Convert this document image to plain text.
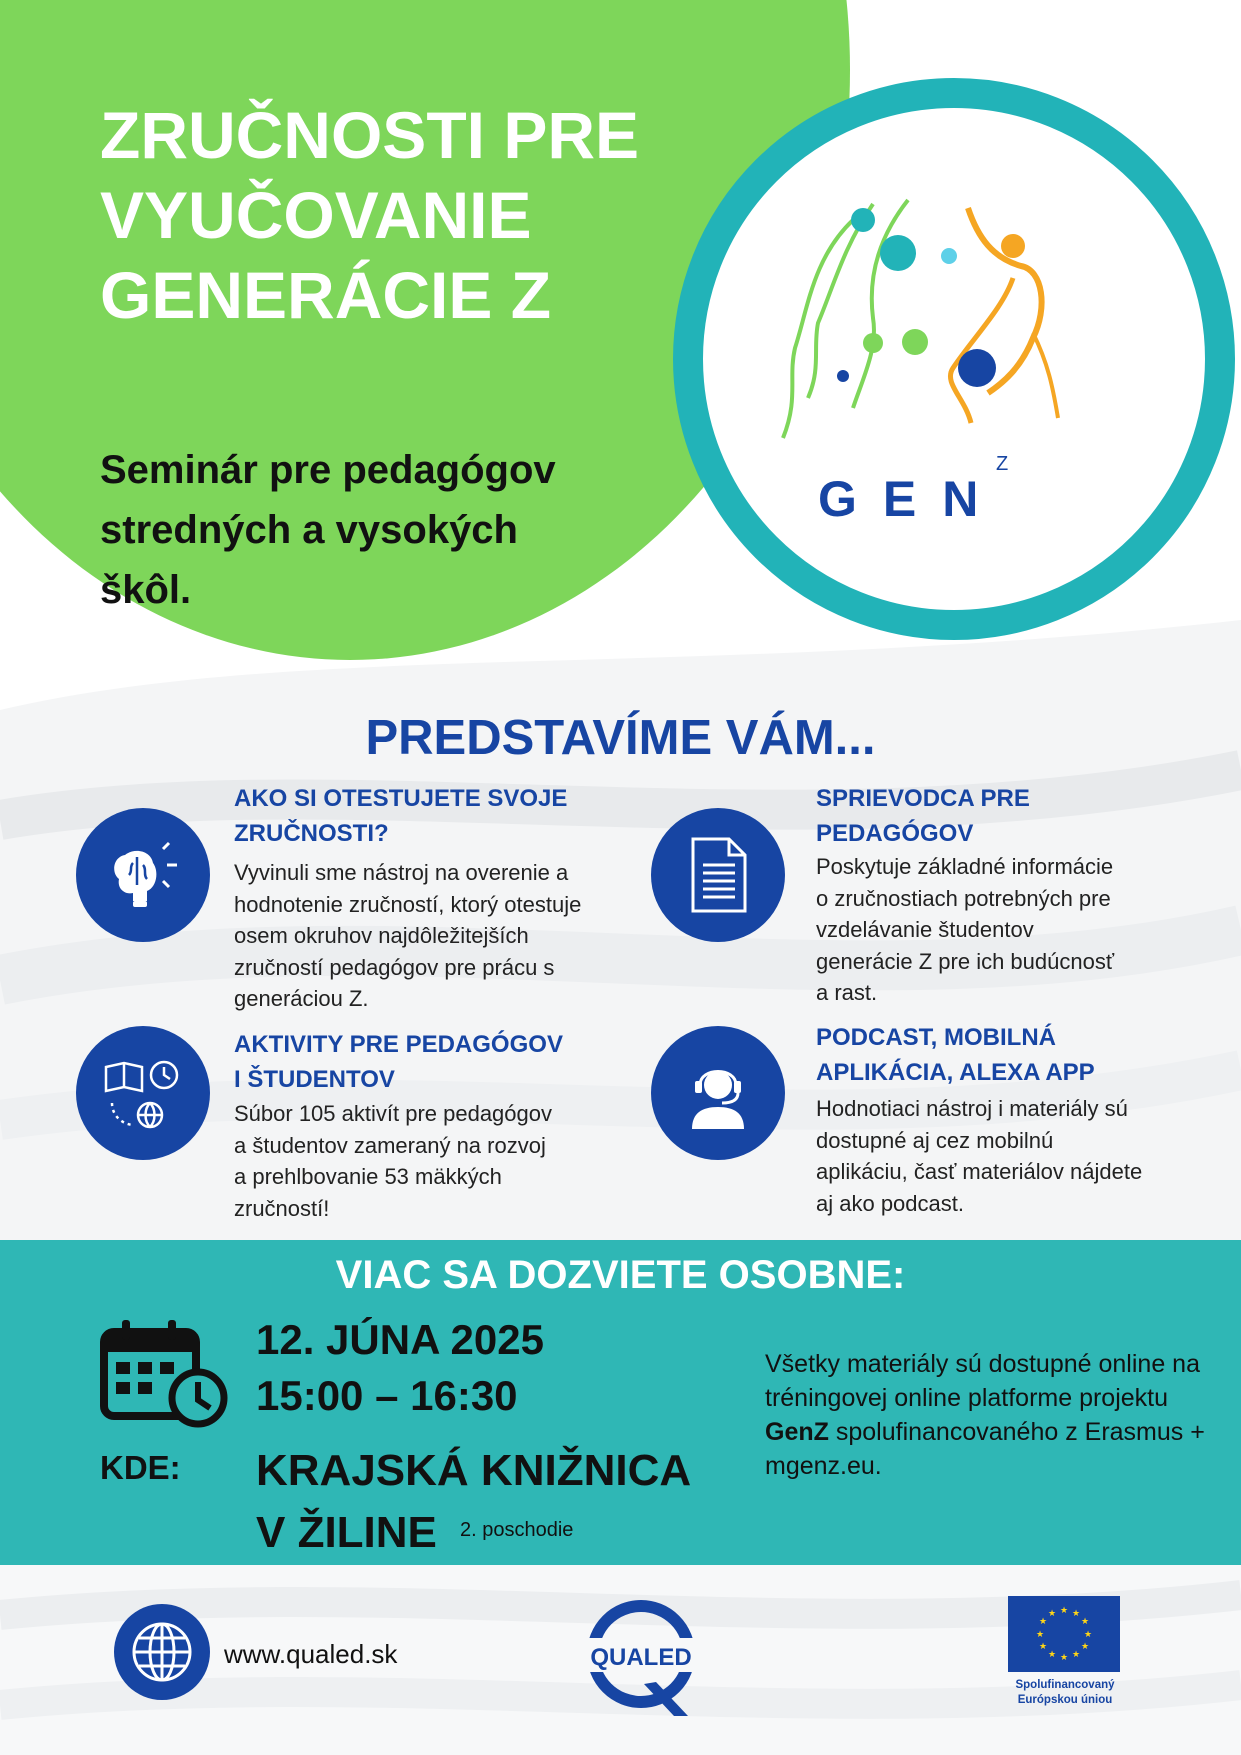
GEN
Z
ZRUČNOSTI PRE
VYUČOVANIE
GENERÁCIE Z
Seminár pre pedagógov
stredných a vysokých
škôl.
PREDSTAVÍME VÁM...

AKO SI OTESTUJETE SVOJE
ZRUČNOSTI?

Vyvinuli sme nástroj na overenie a
hodnotenie zručností, ktorý otestuje
osem okruhov najdôležitejších
zručností pedagógov pre prácu s
generáciou Z.

SPRIEVODCA PRE
PEDAGÓGOV

Poskytuje základné informácie
o zručnostiach potrebných pre
vzdelávanie študentov
generácie Z pre ich budúcnosť
a rast.

AKTIVITY PRE PEDAGÓGOV
I ŠTUDENTOV

Súbor 105 aktivít pre pedagógov
a študentov zameraný na rozvoj
a prehlbovanie 53 mäkkých
zručností!

PODCAST, MOBILNÁ
APLIKÁCIA, ALEXA APP

Hodnotiaci nástroj i materiály sú
dostupné aj cez mobilnú
aplikáciu, časť materiálov nájdete
aj ako podcast.

VIAC SA DOZVIETE OSOBNE:
12. JÚNA 2025
15:00 – 16:30
KDE: KRAJSKÁ KNIŽNICA
V ŽILINE	2. poschodie

Všetky materiály sú dostupné online na tréningovej online platforme projektu GenZ spolufinancovaného z Erasmus + mgenz.eu.

www.qualed.sk	QUALED
★ ★
★
★
★
★
★
★
★
★
★
★
Spolufinancovaný
Európskou úniou
